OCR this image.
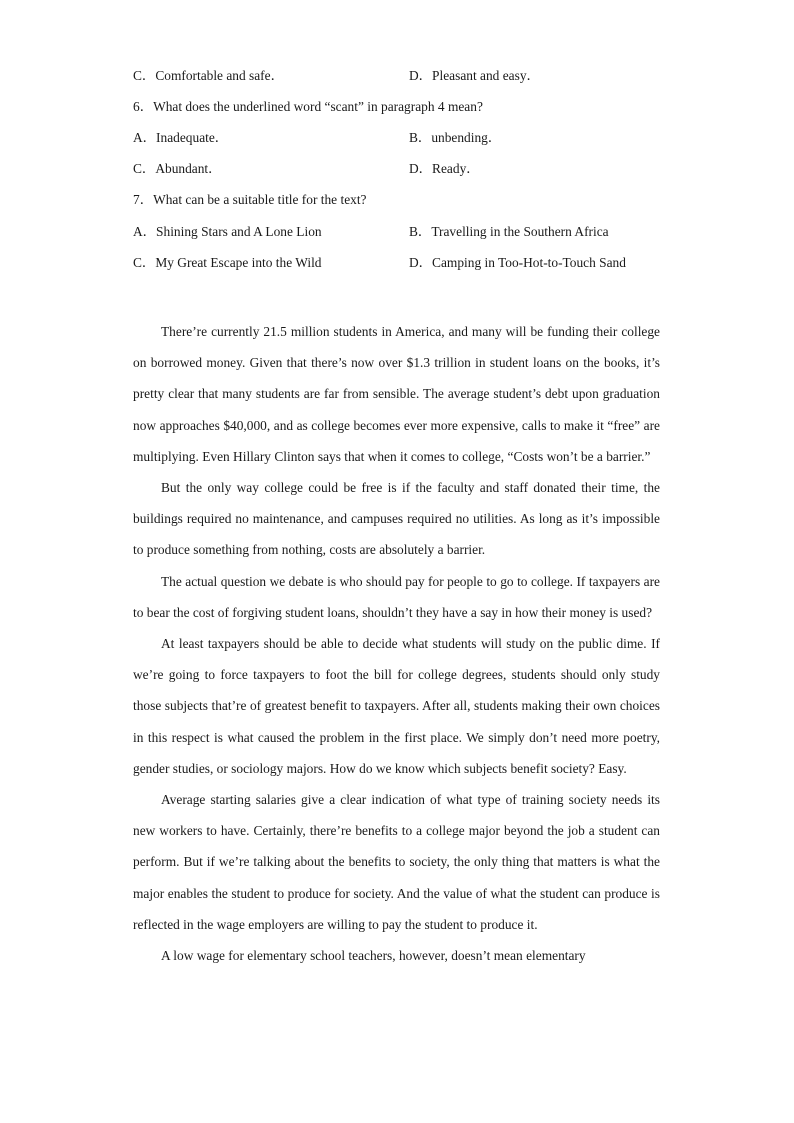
C．Comfortable and safe．	D．Pleasant and easy．
6．What does the underlined word “scant” in paragraph 4 mean?
A．Inadequate．	B．unbending．
C．Abundant．	D．Ready．
7．What can be a suitable title for the text?
A．Shining Stars and A Lone Lion	B．Travelling in the Southern Africa
C．My Great Escape into the Wild	D．Camping in Too-Hot-to-Touch Sand

There’re currently 21.5 million students in America, and many will be funding their college on borrowed money. Given that there’s now over $1.3 trillion in student loans on the books, it’s pretty clear that many students are far from sensible. The average student’s debt upon graduation now approaches $40,000, and as college becomes ever more expensive, calls to make it “free” are multiplying. Even Hillary Clinton says that when it comes to college, “Costs won’t be a barrier.”

But the only way college could be free is if the faculty and staff donated their time, the buildings required no maintenance, and campuses required no utilities. As long as it’s impossible to produce something from nothing, costs are absolutely a barrier.

The actual question we debate is who should pay for people to go to college. If taxpayers are to bear the cost of forgiving student loans, shouldn’t they have a say in how their money is used?

At least taxpayers should be able to decide what students will study on the public dime. If we’re going to force taxpayers to foot the bill for college degrees, students should only study those subjects that’re of greatest benefit to taxpayers. After all, students making their own choices in this respect is what caused the problem in the first place. We simply don’t need more poetry, gender studies, or sociology majors. How do we know which subjects benefit society? Easy.

Average starting salaries give a clear indication of what type of training society needs its new workers to have. Certainly, there’re benefits to a college major beyond the job a student can perform. But if we’re talking about the benefits to society, the only thing that matters is what the major enables the student to produce for society. And the value of what the student can produce is reflected in the wage employers are willing to pay the student to produce it.

A low wage for elementary school teachers, however, doesn’t mean elementary
